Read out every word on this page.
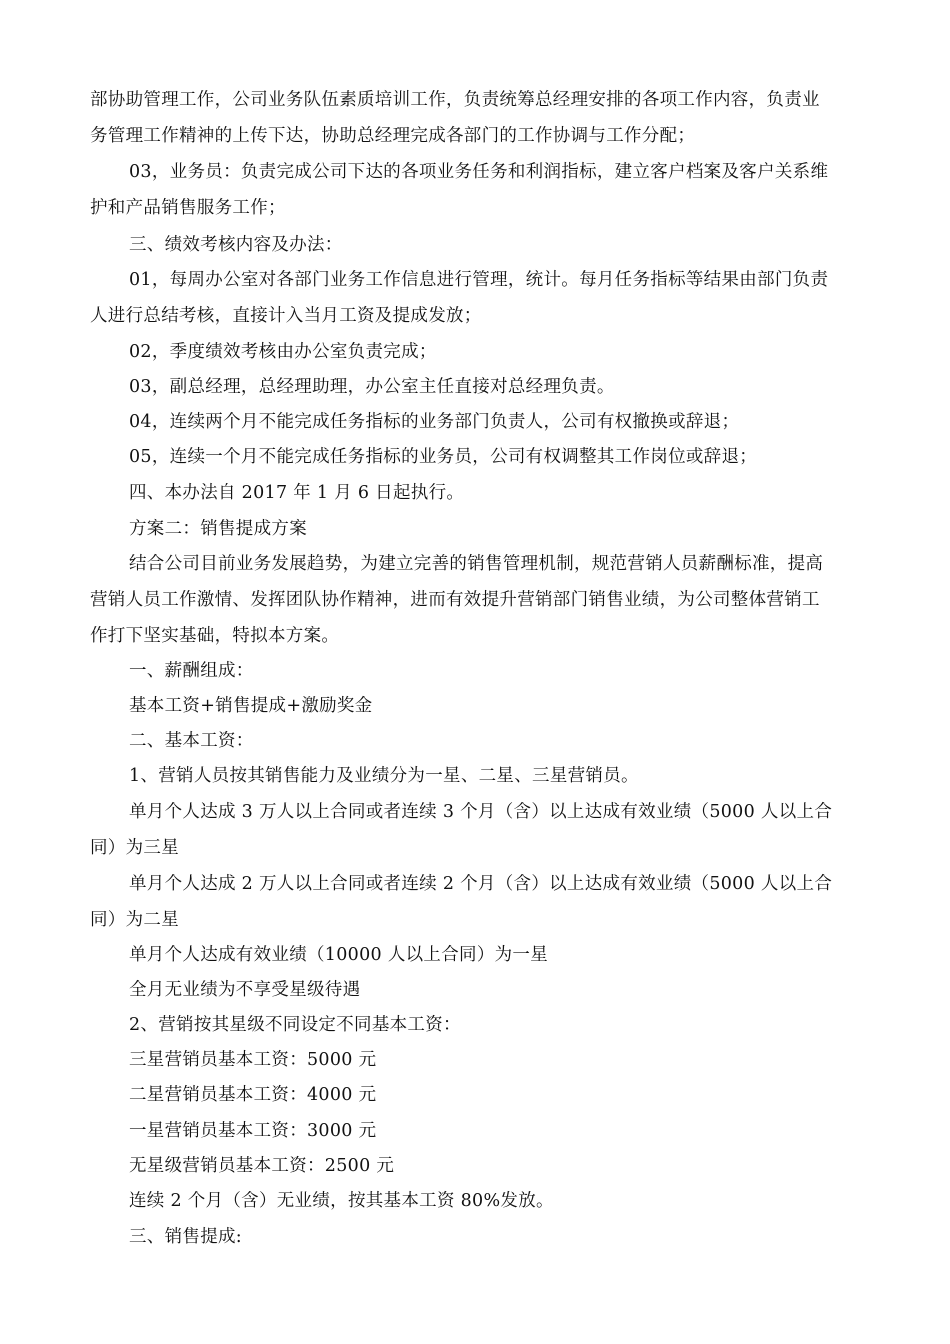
部协助管理工作，公司业务队伍素质培训工作，负责统筹总经理安排的各项工作内容，负责业
务管理工作精神的上传下达，协助总经理完成各部门的工作协调与工作分配；
03，业务员：负责完成公司下达的各项业务任务和利润指标，建立客户档案及客户关系维
护和产品销售服务工作；
三、绩效考核内容及办法：
01，每周办公室对各部门业务工作信息进行管理，统计。每月任务指标等结果由部门负责
人进行总结考核，直接计入当月工资及提成发放；
02，季度绩效考核由办公室负责完成；
03，副总经理，总经理助理，办公室主任直接对总经理负责。
04，连续两个月不能完成任务指标的业务部门负责人，公司有权撤换或辞退；
05，连续一个月不能完成任务指标的业务员，公司有权调整其工作岗位或辞退；
四、本办法自 2017 年 1 月 6 日起执行。
方案二：销售提成方案
结合公司目前业务发展趋势，为建立完善的销售管理机制，规范营销人员薪酬标准，提高
营销人员工作激情、发挥团队协作精神，进而有效提升营销部门销售业绩，为公司整体营销工
作打下坚实基础，特拟本方案。
一、薪酬组成：
基本工资+销售提成+激励奖金
二、基本工资：
1、营销人员按其销售能力及业绩分为一星、二星、三星营销员。
单月个人达成 3 万人以上合同或者连续 3 个月（含）以上达成有效业绩（5000 人以上合
同）为三星
单月个人达成 2 万人以上合同或者连续 2 个月（含）以上达成有效业绩（5000 人以上合
同）为二星
单月个人达成有效业绩（10000 人以上合同）为一星
全月无业绩为不享受星级待遇
2、营销按其星级不同设定不同基本工资：
三星营销员基本工资：5000 元
二星营销员基本工资：4000 元
一星营销员基本工资：3000 元
无星级营销员基本工资：2500 元
连续 2 个月（含）无业绩，按其基本工资 80%发放。
三、销售提成:
